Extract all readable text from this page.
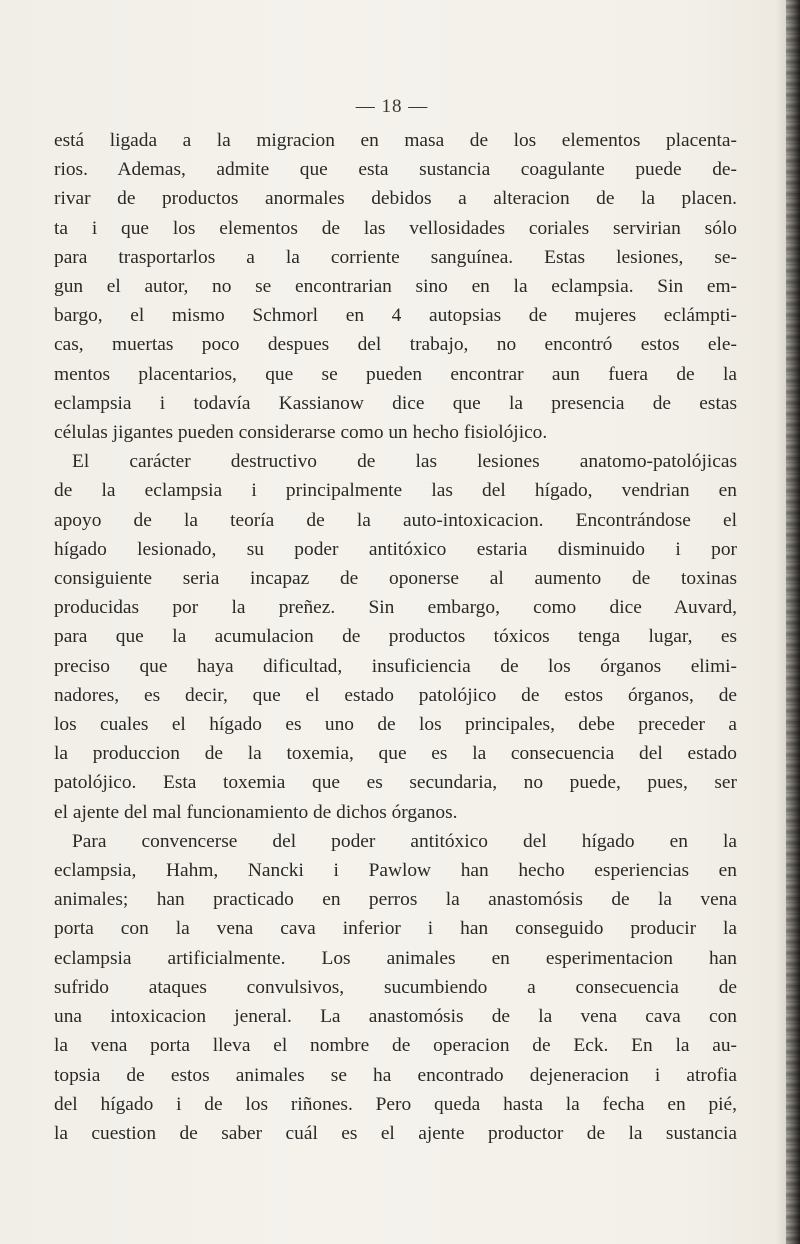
— 18 —
está ligada a la migracion en masa de los elementos placenta-
rios. Ademas, admite que esta sustancia coagulante puede de-
rivar de productos anormales debidos a alteracion de la placen.
ta i que los elementos de las vellosidades coriales servirian sólo
para trasportarlos a la corriente sanguínea. Estas lesiones, se-
gun el autor, no se encontrarian sino en la eclampsia. Sin em-
bargo, el mismo Schmorl en 4 autopsias de mujeres eclámpti-
cas, muertas poco despues del trabajo, no encontró estos ele-
mentos placentarios, que se pueden encontrar aun fuera de la
eclampsia i todavía Kassianow dice que la presencia de estas
células jigantes pueden considerarse como un hecho fisiolójico.
El carácter destructivo de las lesiones anatomo-patolójicas
de la eclampsia i principalmente las del hígado, vendrian en
apoyo de la teoría de la auto-intoxicacion. Encontrándose el
hígado lesionado, su poder antitóxico estaria disminuido i por
consiguiente seria incapaz de oponerse al aumento de toxinas
producidas por la preñez. Sin embargo, como dice Auvard,
para que la acumulacion de productos tóxicos tenga lugar, es
preciso que haya dificultad, insuficiencia de los órganos elimi-
nadores, es decir, que el estado patolójico de estos órganos, de
los cuales el hígado es uno de los principales, debe preceder a
la produccion de la toxemia, que es la consecuencia del estado
patolójico. Esta toxemia que es secundaria, no puede, pues, ser
el ajente del mal funcionamiento de dichos órganos.
Para convencerse del poder antitóxico del hígado en la
eclampsia, Hahm, Nancki i Pawlow han hecho esperiencias en
animales; han practicado en perros la anastomósis de la vena
porta con la vena cava inferior i han conseguido producir la
eclampsia artificialmente. Los animales en esperimentacion han
sufrido ataques convulsivos, sucumbiendo a consecuencia de
una intoxicacion jeneral. La anastomósis de la vena cava con
la vena porta lleva el nombre de operacion de Eck. En la au-
topsia de estos animales se ha encontrado dejeneracion i atrofia
del hígado i de los riñones. Pero queda hasta la fecha en pié,
la cuestion de saber cuál es el ajente productor de la sustancia
